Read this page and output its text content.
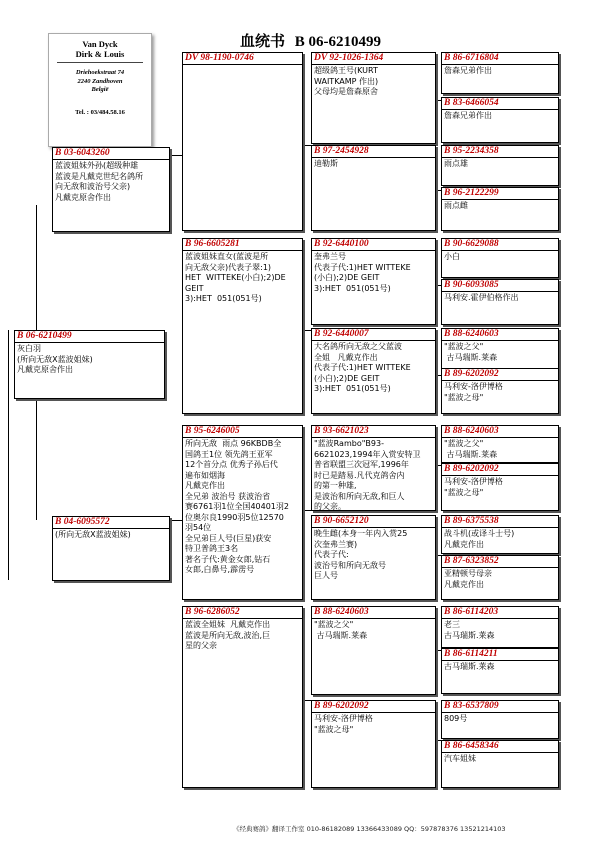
血统书 B 06-6210499
Van Dyck
Dirk & Louis
Driehoekstraat 74
2240 Zandhoven
België
Tel. : 03/484.58.16
B 06-6210499
灰白羽
(所向无敌X蓝波姐妹)
凡戴克原舍作出
B 03-6043260
蓝波姐妹外孙(超级种雄
蓝波是凡戴克世纪名鸽所
向无敌和波治号父亲)
凡戴克原舍作出
B 04-6095572
(所向无敌X蓝波姐妹)
DV 98-1190-0746
B 96-6605281
蓝波姐妹直女(蓝波是所
向无敌父亲)代表子翠:1)
HET  WITTEKE(小白);2)DE
GEIT
3):HET  051(051号)
B 95-6246005
所向无敌  雨点 96KBDB全
国鸽王1位 领先鸽王亚军
12个首分点 优秀子孙后代
遍布如烟海
凡戴克作出
全兄弟 波治号 获波治省
赛6761羽1位全国40401羽2
位奥尔良1990羽5位12570
羽54位
全兄弟巨人号(巨星)获安
特卫普鸽王3名
著名子代:黄金女郎,钻石
女郎,白鼻号,霹雳号
B 96-6286052
蓝波全姐妹  凡戴克作出
蓝波是所向无敌,波治,巨
星的父亲
DV 92-1026-1364
超级鸽王号(KURT
WAITKAMP 作出)
父母均是詹森原舍
B 97-2454928
迪勒斯
B 92-6440100
奎弗兰号
代表子代:1)HET WITTEKE
(小白);2)DE GEIT
3):HET  051(051号)
B 92-6440007
大名鸽所向无敌之父蓝波
全姐   凡戴克作出
代表子代:1)HET WITTEKE
(小白);2)DE GEIT
3):HET  051(051号)
B 93-6621023
"蓝波Rambo"B93-
6621023,1994年入赏安特卫
普省联盟三次冠军,1996年
时已是踏易.凡代克鸽舍内
的第一种雄,
是波治和所向无敌,和巨人
的父亲。
B 90-6652120
晚生雌(本身一年内入赏25
次奎弗兰赛)
代表子代:
波治号和所向无敌号
巨人号
B 88-6240603
"蓝波之父"
古马瑞斯.莱森
B 89-6202092
马利安-洛伊博格
"蓝波之母"
B 86-6716804
詹森兄弟作出
B 83-6466054
詹森兄弟作出
B 95-2234358
雨点雄
B 96-2122299
雨点雌
B 90-6629088
小白
B 90-6093085
马利安.霍伊伯格作出
B 88-6240603
"蓝波之父"
古马瑞斯.莱森
B 89-6202092
马利安-洛伊博格
"蓝波之母"
B 88-6240603
"蓝波之父"
古马瑞斯.莱森
B 89-6202092
马利安-洛伊博格
"蓝波之母"
B 89-6375538
战斗机(或译斗士号)
凡戴克作出
B 87-6323852
亚精顿号母亲
凡戴克作出
B 86-6114203
老三
古马瑞斯.莱森
B 86-6114211
古马瑞斯.莱森
B 83-6537809
809号
B 86-6458346
汽车姐妹
《经典赛鸽》翻译工作室 010-86182089 13366433089 QQ：597878376 13521214103
